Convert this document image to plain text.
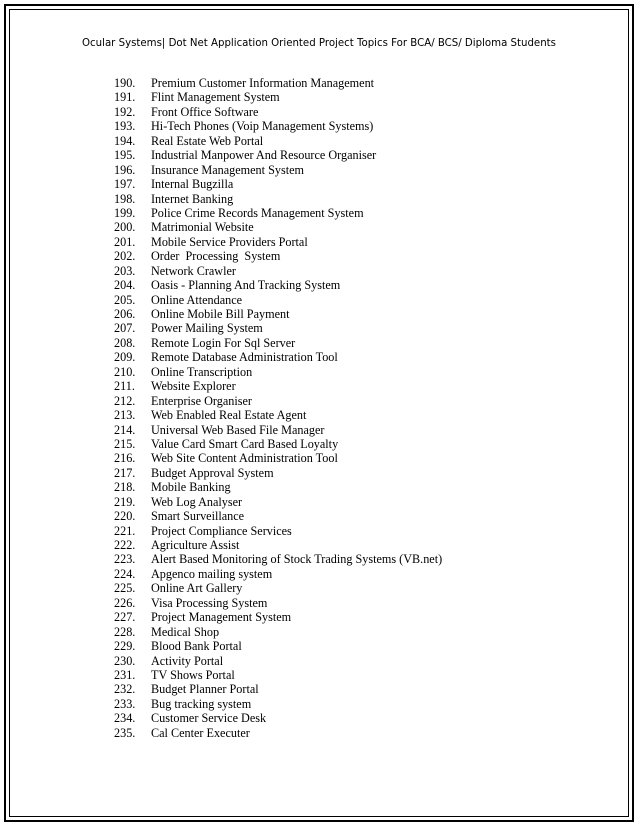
Ocular Systems| Dot Net Application Oriented Project Topics For BCA/ BCS/ Diploma Students
190.	Premium Customer Information Management
191.	Flint Management System
192.	Front Office Software
193.	Hi-Tech Phones (Voip Management Systems)
194.	Real Estate Web Portal
195.	Industrial Manpower And Resource Organiser
196.	Insurance Management System
197.	Internal Bugzilla
198.	Internet Banking
199.	Police Crime Records Management System
200.	Matrimonial Website
201.	Mobile Service Providers Portal
202.	Order  Processing  System
203.	Network Crawler
204.	Oasis - Planning And Tracking System
205.	Online Attendance
206.	Online Mobile Bill Payment
207.	Power Mailing System
208.	Remote Login For Sql Server
209.	Remote Database Administration Tool
210.	Online Transcription
211.	Website Explorer
212.	Enterprise Organiser
213.	Web Enabled Real Estate Agent
214.	Universal Web Based File Manager
215.	Value Card Smart Card Based Loyalty
216.	Web Site Content Administration Tool
217.	Budget Approval System
218.	Mobile Banking
219.	Web Log Analyser
220.	Smart Surveillance
221.	Project Compliance Services
222.	Agriculture Assist
223.	Alert Based Monitoring of Stock Trading Systems (VB.net)
224.	Apgenco mailing system
225.	Online Art Gallery
226.	Visa Processing System
227.	Project Management System
228.	Medical Shop
229.	Blood Bank Portal
230.	Activity Portal
231.	TV Shows Portal
232.	Budget Planner Portal
233.	Bug tracking system
234.	Customer Service Desk
235.	Cal Center Executer
